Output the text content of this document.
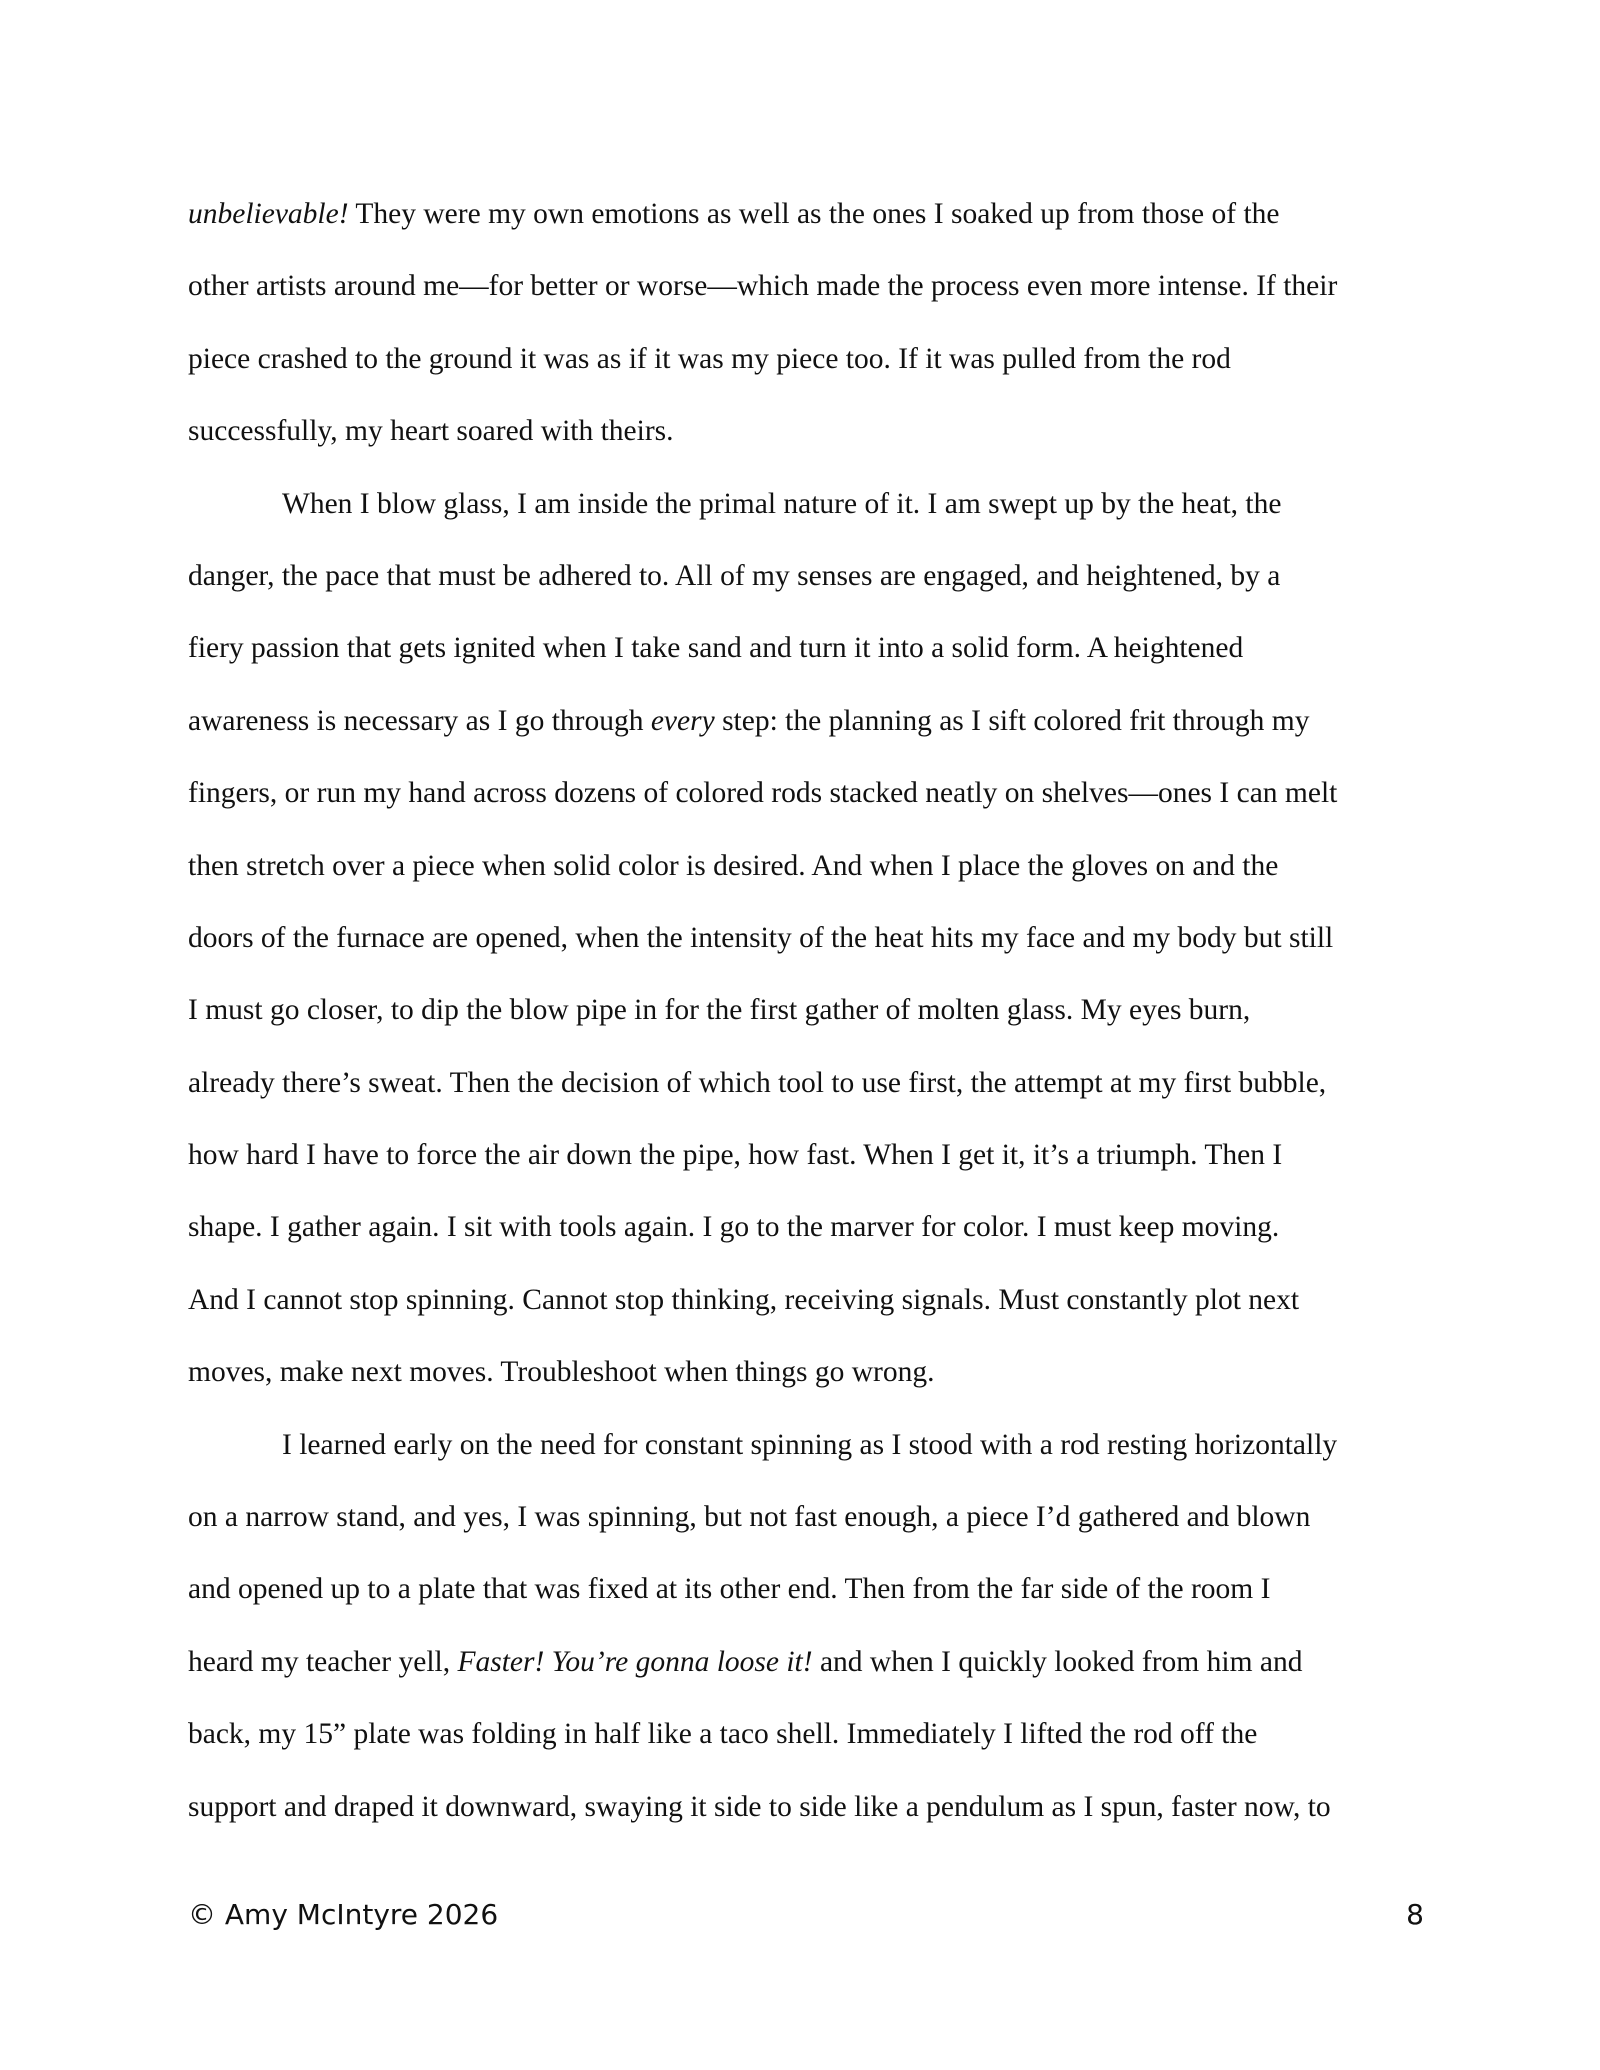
unbelievable! They were my own emotions as well as the ones I soaked up from those of the
other artists around me—for better or worse—which made the process even more intense. If their
piece crashed to the ground it was as if it was my piece too. If it was pulled from the rod
successfully, my heart soared with theirs.
When I blow glass, I am inside the primal nature of it. I am swept up by the heat, the
danger, the pace that must be adhered to. All of my senses are engaged, and heightened, by a
fiery passion that gets ignited when I take sand and turn it into a solid form. A heightened
awareness is necessary as I go through every step: the planning as I sift colored frit through my
fingers, or run my hand across dozens of colored rods stacked neatly on shelves—ones I can melt
then stretch over a piece when solid color is desired. And when I place the gloves on and the
doors of the furnace are opened, when the intensity of the heat hits my face and my body but still
I must go closer, to dip the blow pipe in for the first gather of molten glass. My eyes burn,
already there’s sweat. Then the decision of which tool to use first, the attempt at my first bubble,
how hard I have to force the air down the pipe, how fast. When I get it, it’s a triumph. Then I
shape. I gather again. I sit with tools again. I go to the marver for color. I must keep moving.
And I cannot stop spinning. Cannot stop thinking, receiving signals. Must constantly plot next
moves, make next moves. Troubleshoot when things go wrong.
I learned early on the need for constant spinning as I stood with a rod resting horizontally
on a narrow stand, and yes, I was spinning, but not fast enough, a piece I’d gathered and blown
and opened up to a plate that was fixed at its other end. Then from the far side of the room I
heard my teacher yell, Faster! You’re gonna loose it! and when I quickly looked from him and
back, my 15” plate was folding in half like a taco shell. Immediately I lifted the rod off the
support and draped it downward, swaying it side to side like a pendulum as I spun, faster now, to
© Amy McIntyre 2026	8
